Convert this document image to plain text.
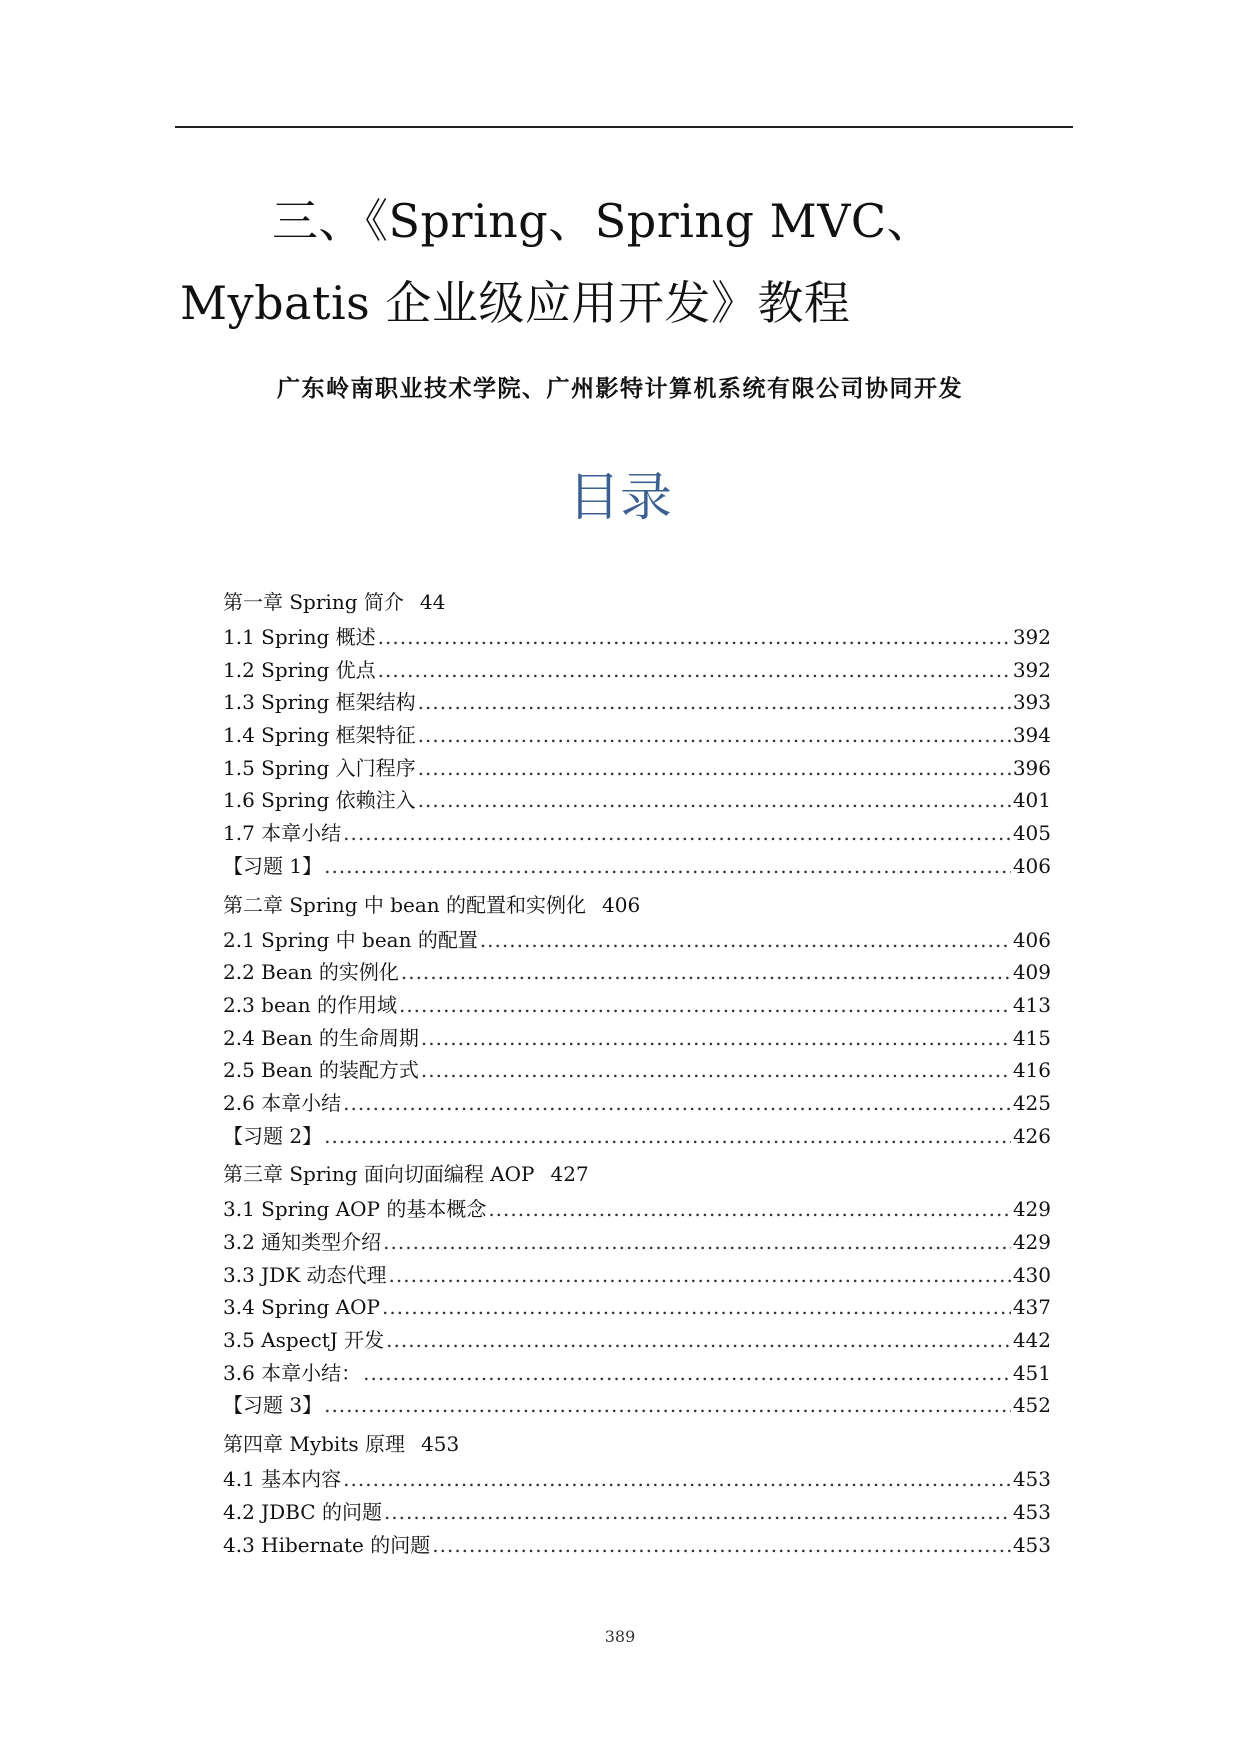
三、《Spring、Spring MVC、Mybatis 企业级应用开发》教程
广东岭南职业技术学院、广州影特计算机系统有限公司协同开发
目录
第一章 Spring 简介 44
1.1 Spring 概述 .....	392
1.2 Spring 优点 .....	392
1.3 Spring 框架结构 .....	393
1.4 Spring 框架特征 .....	394
1.5 Spring 入门程序 .....	396
1.6 Spring 依赖注入 .....	401
1.7 本章小结 .....	405
【习题 1】 .....	406
第二章 Spring 中 bean 的配置和实例化 406
2.1 Spring 中 bean 的配置 .....	406
2.2 Bean 的实例化 .....	409
2.3 bean 的作用域 .....	413
2.4 Bean 的生命周期 .....	415
2.5 Bean 的装配方式 .....	416
2.6 本章小结 .....	425
【习题 2】 .....	426
第三章 Spring 面向切面编程 AOP 427
3.1 Spring AOP 的基本概念 .....	429
3.2 通知类型介绍 .....	429
3.3 JDK 动态代理 .....	430
3.4 Spring AOP .....	437
3.5 AspectJ 开发 .....	442
3.6 本章小结： .....	451
【习题 3】 .....	452
第四章 Mybits 原理 453
4.1 基本内容 .....	453
4.2 JDBC 的问题 .....	453
4.3 Hibernate 的问题 .....	453
389
